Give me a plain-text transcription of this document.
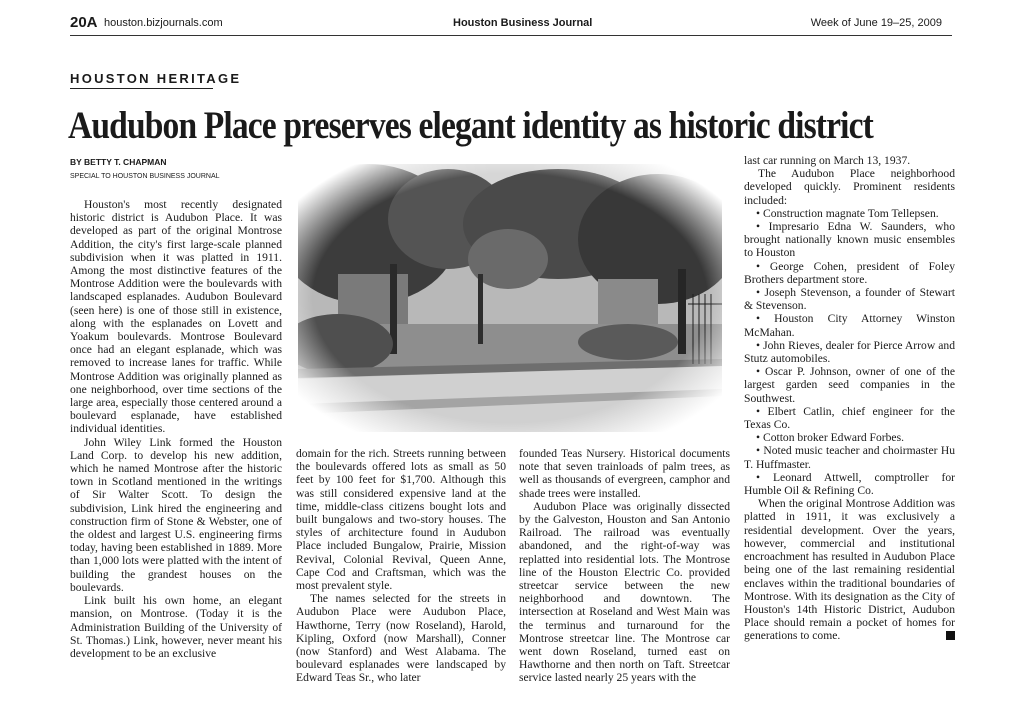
20A houston.bizjournals.com	Houston Business Journal	Week of June 19–25, 2009
HOUSTON HERITAGE
Audubon Place preserves elegant identity as historic district
BY BETTY T. CHAPMAN
SPECIAL TO HOUSTON BUSINESS JOURNAL

Houston's most recently designated historic district is Audubon Place. It was developed as part of the original Montrose Addition, the city's first large-scale planned subdivision when it was platted in 1911. Among the most distinctive features of the Montrose Addition were the boulevards with landscaped esplanades. Audubon Boulevard (seen here) is one of those still in existence, along with the esplanades on Lovett and Yoakum boulevards. Montrose Boulevard once had an elegant esplanade, which was removed to increase lanes for traffic. While Montrose Addition was originally planned as one neighborhood, over time sections of the large area, especially those centered around a boulevard esplanade, have established individual identities.

John Wiley Link formed the Houston Land Corp. to develop his new addition, which he named Montrose after the historic town in Scotland mentioned in the writings of Sir Walter Scott. To design the subdivision, Link hired the engineering and construction firm of Stone & Webster, one of the oldest and largest U.S. engineering firms today, having been established in 1889. More than 1,000 lots were platted with the intent of building the grandest houses on the boulevards.

Link built his own home, an elegant mansion, on Montrose. (Today it is the Administration Building of the University of St. Thomas.) Link, however, never meant his development to be an exclusive

domain for the rich. Streets running between the boulevards offered lots as small as 50 feet by 100 feet for $1,700. Although this was still considered expensive land at the time, middle-class citizens bought lots and built bungalows and two-story houses. The styles of architecture found in Audubon Place included Bungalow, Prairie, Mission Revival, Colonial Revival, Queen Anne, Cape Cod and Craftsman, which was the most prevalent style.

The names selected for the streets in Audubon Place were Audubon Place, Hawthorne, Terry (now Roseland), Harold, Kipling, Oxford (now Marshall), Conner (now Stanford) and West Alabama. The boulevard esplanades were landscaped by Edward Teas Sr., who later

founded Teas Nursery. Historical documents note that seven trainloads of palm trees, as well as thousands of evergreen, camphor and shade trees were installed.

Audubon Place was originally dissected by the Galveston, Houston and San Antonio Railroad. The railroad was eventually abandoned, and the right-of-way was replatted into residential lots. The Montrose line of the Houston Electric Co. provided streetcar service between the new neighborhood and downtown. The intersection at Roseland and West Main was the terminus and turnaround for the Montrose streetcar line. The Montrose car went down Roseland, turned east on Hawthorne and then north on Taft. Streetcar service lasted nearly 25 years with the

last car running on March 13, 1937.

The Audubon Place neighborhood developed quickly. Prominent residents included:

• Construction magnate Tom Tellepsen.

• Impresario Edna W. Saunders, who brought nationally known music ensembles to Houston

• George Cohen, president of Foley Brothers department store.

• Joseph Stevenson, a founder of Stewart & Stevenson.

• Houston City Attorney Winston McMahan.

• John Rieves, dealer for Pierce Arrow and Stutz automobiles.

• Oscar P. Johnson, owner of one of the largest garden seed companies in the Southwest.

• Elbert Catlin, chief engineer for the Texas Co.

• Cotton broker Edward Forbes.

• Noted music teacher and choirmaster Hu T. Huffmaster.

• Leonard Attwell, comptroller for Humble Oil & Refining Co.

When the original Montrose Addition was platted in 1911, it was exclusively a residential development. Over the years, however, commercial and institutional encroachment has resulted in Audubon Place being one of the last remaining residential enclaves within the traditional boundaries of Montrose. With its designation as the City of Houston's 14th Historic District, Audubon Place should remain a pocket of homes for generations to come.
